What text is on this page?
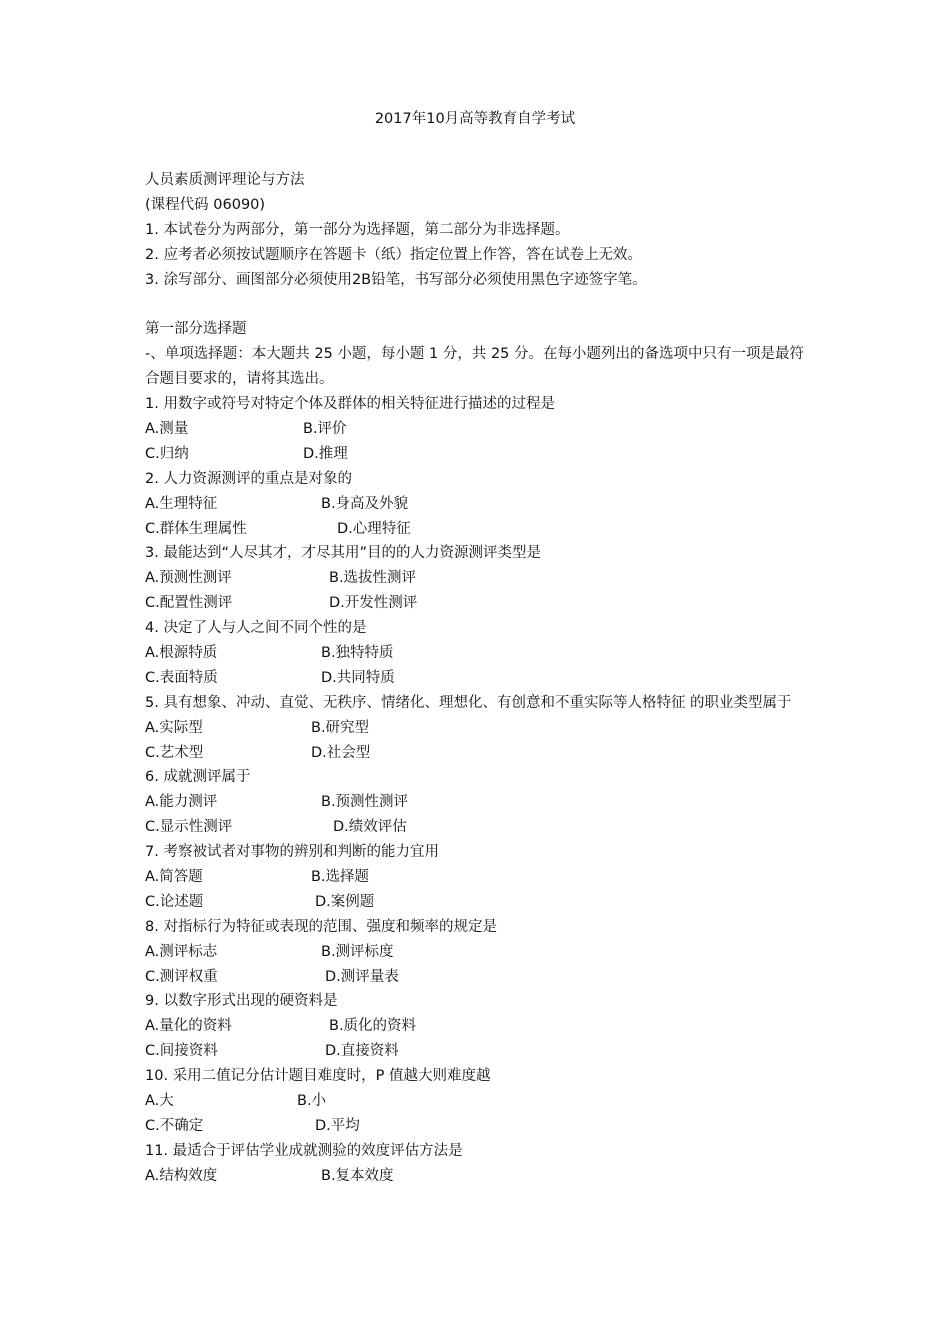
2017年10月高等教育自学考试
人员素质测评理论与方法
(课程代码 06090)
1. 本试卷分为两部分，第一部分为选择题，第二部分为非选择题。
2. 应考者必须按试题顺序在答题卡（纸）指定位置上作答，答在试卷上无效。
3. 涂写部分、画图部分必须使用2B铅笔，书写部分必须使用黑色字迹签字笔。
第一部分选择题
-、单项选择题：本大题共 25 小题，每小题 1 分，共 25 分。在每小题列出的备选项中只有一项是最符合题目要求的，请将其选出。
1. 用数字或符号对特定个体及群体的相关特征进行描述的过程是
A.测量	B.评价
C.归纳	D.推理
2. 人力资源测评的重点是对象的
A.生理特征	B.身高及外貌
C.群体生理属性	D.心理特征
3. 最能达到“人尽其才，才尽其用”目的的人力资源测评类型是
A.预测性测评	B.选拔性测评
C.配置性测评	D.开发性测评
4. 决定了人与人之间不同个性的是
A.根源特质	B.独特特质
C.表面特质	D.共同特质
5. 具有想象、冲动、直觉、无秩序、情绪化、理想化、有创意和不重实际等人格特征 的职业类型属于
A.实际型	B.研究型
C.艺术型	D.社会型
6. 成就测评属于
A.能力测评	B.预测性测评
C.显示性测评	D.绩效评估
7. 考察被试者对事物的辨别和判断的能力宜用
A.简答题	B.选择题
C.论述题	D.案例题
8. 对指标行为特征或表现的范围、强度和频率的规定是
A.测评标志	B.测评标度
C.测评权重	D.测评量表
9. 以数字形式出现的硬资料是
A.量化的资料	B.质化的资料
C.间接资料	D.直接资料
10. 采用二值记分估计题目难度时，P 值越大则难度越
A.大	B.小
C.不确定	D.平均
11. 最适合于评估学业成就测验的效度评估方法是
A.结构效度	B.复本效度
